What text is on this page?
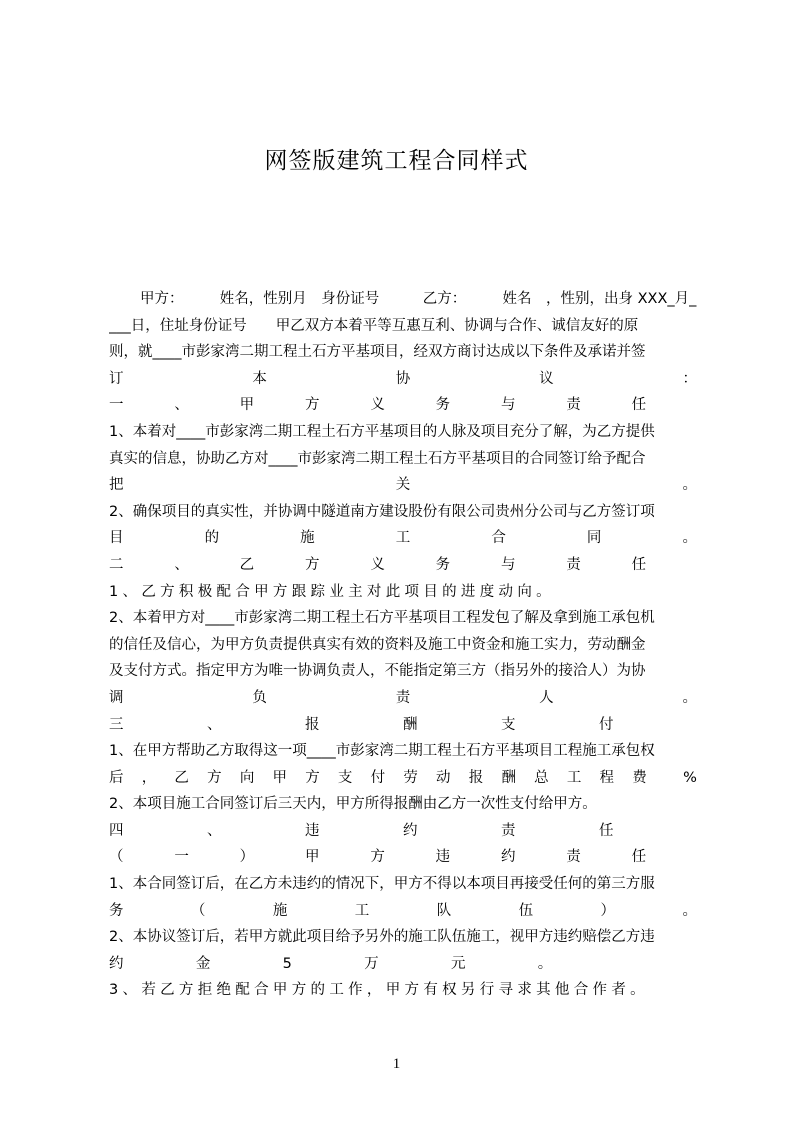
网签版建筑工程合同样式
甲方：　　　姓名，性别月　身份证号　　　乙方：　　　姓名　，性别，出身 XXX_月_
___日，住址身份证号　　甲乙双方本着平等互惠互利、协调与合作、诚信友好的原
则，就____市彭家湾二期工程土石方平基项目，经双方商讨达成以下条件及承诺并签
订	本	协	议	：
一	、	甲	方	义	务	与	责	任
1、本着对____市彭家湾二期工程土石方平基项目的人脉及项目充分了解，为乙方提供
真实的信息，协助乙方对____市彭家湾二期工程土石方平基项目的合同签订给予配合
把	关	。
2、确保项目的真实性，并协调中隧道南方建设股份有限公司贵州分公司与乙方签订项
目	的	施	工	合	同	。
二	、	乙	方	义	务	与	责	任
1、乙方积极配合甲方跟踪业主对此项目的进度动向。
2、本着甲方对____市彭家湾二期工程土石方平基项目工程发包了解及拿到施工承包机
的信任及信心，为甲方负责提供真实有效的资料及施工中资金和施工实力，劳动酬金
及支付方式。指定甲方为唯一协调负责人，不能指定第三方（指另外的接洽人）为协
调	负	责	人	。
三	、	报	酬	支	付
1、在甲方帮助乙方取得这一项____市彭家湾二期工程土石方平基项目工程施工承包权
后 ， 乙 方 向 甲 方 支 付 劳 动 报 酬 总 工 程 费	%
2、本项目施工合同签订后三天内，甲方所得报酬由乙方一次性支付给甲方。
四	、	违	约	责	任
（	一	）	甲	方	违	约	责	任
1、本合同签订后，在乙方未违约的情况下，甲方不得以本项目再接受任何的第三方服
务	（	施	工	队	伍	）	。
2、本协议签订后，若甲方就此项目给予另外的施工队伍施工，视甲方违约赔偿乙方违
约	金	5	万	元	。
3、若乙方拒绝配合甲方的工作，甲方有权另行寻求其他合作者。
1
